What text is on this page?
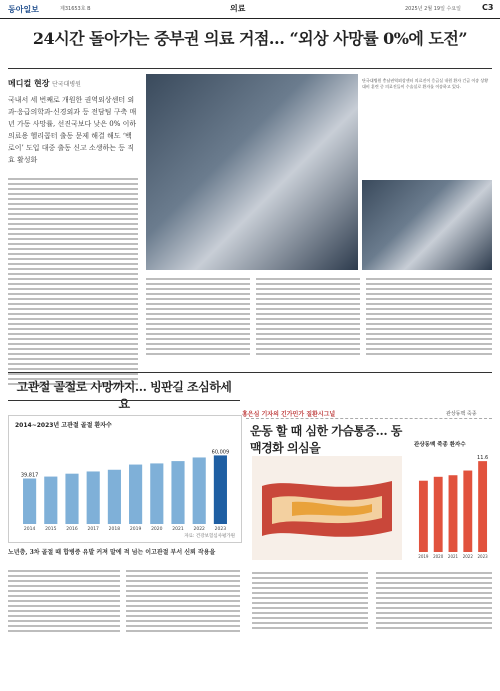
동아일보	제31653호 B	의료	2025년 2월 19일 수요일	C3
24시간 돌아가는 중부권 의료 거점… “외상 사망률 0%에 도전”
메디컬 현장 단국대병원
국내서 세 번째로 개원한 권역외상센터 외과·응급의학과·신경외과 등 전담팀 구축 매년 가동 사망률, 선진국보다 낮은 0% 이하 의료용 헬리콥터 출동 문제 해결 해도 ‘백로이’ 도입 대중 출동 신고 소생하는 등 직효 활성화
단국대병원 충남권역외상센터 의료진이 응급실 내원 환자 긴급 이송 상황 대비 훈련 중 의료진들이 수술실로 환자를 이송하고 있다.
고관절 골절로 사망까지… 빙판길 조심하세요
2014~2023년 고관절 골절 환자수
자료: 건강보험심사평가원
2014
39,817
2015 2016 2017 2018 2019 2020 2021 2022 2023
60,009
노년층, 3차 골절 때 합병증 유발 커져 말에 적 넘는 이고관절 부서 신뢰 작용을
홍은심 기자의 긴가민가 질환시그널	관상동맥 죽종
운동 할 때 심한 가슴통증… 동맥경화 의심을	관상동맥 죽종 환자수
2019 2020 2021 2022 2023
11.6
